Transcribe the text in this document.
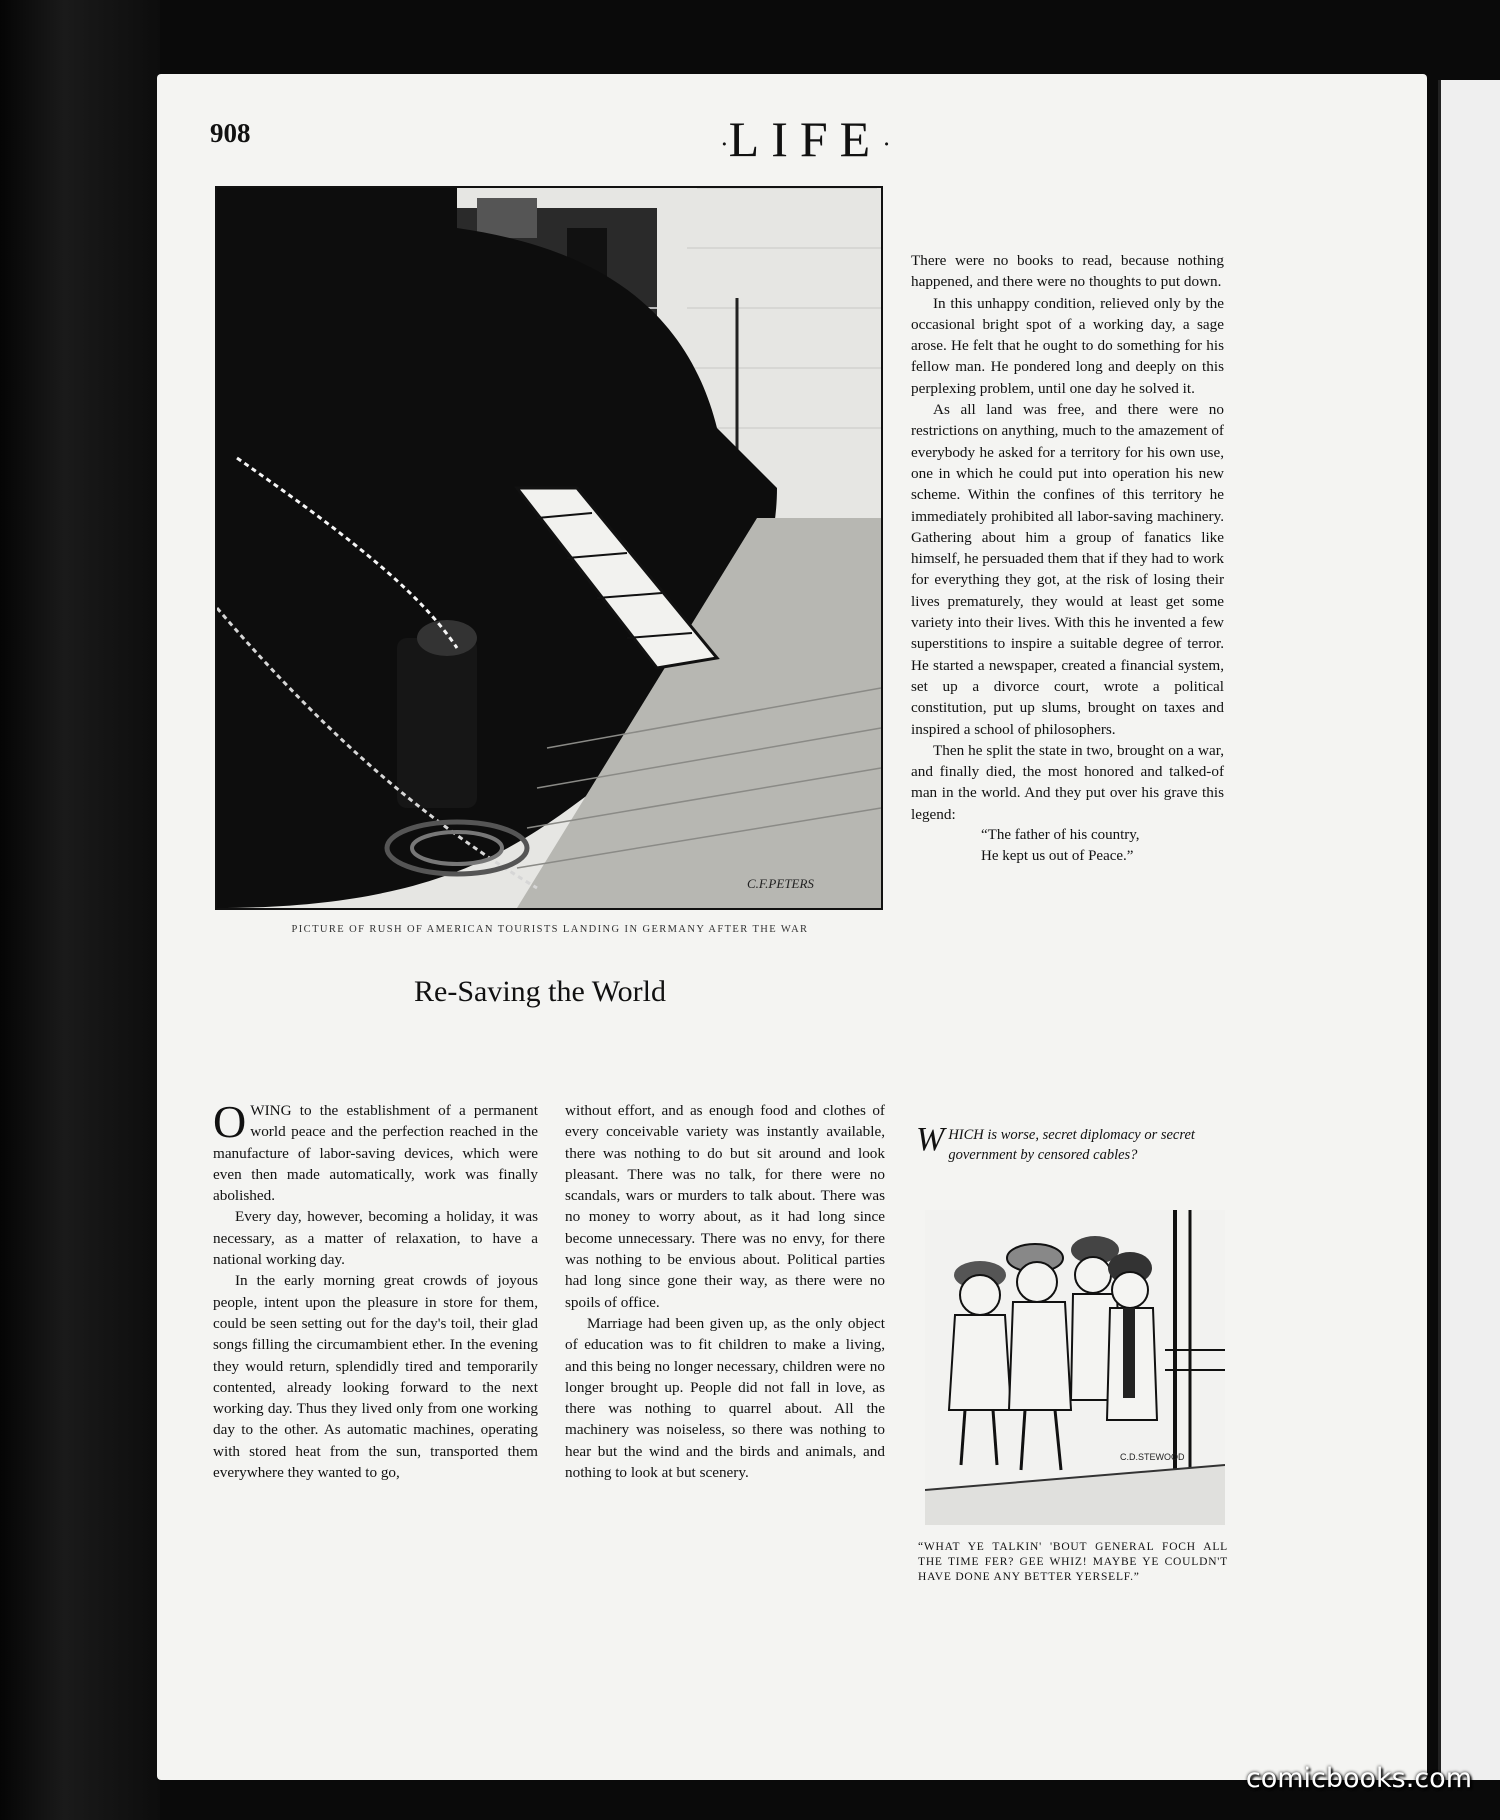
908	·LIFE·
C.F.PETERS
PICTURE OF RUSH OF AMERICAN TOURISTS LANDING IN GERMANY AFTER THE WAR
Re-Saving the World

OWING to the establishment of a permanent world peace and the perfection reached in the manufacture of labor-saving devices, which were even then made automatically, work was finally abolished.

Every day, however, becoming a holiday, it was necessary, as a matter of relaxation, to have a national working day.

In the early morning great crowds of joyous people, intent upon the pleasure in store for them, could be seen setting out for the day's toil, their glad songs filling the circumambient ether. In the evening they would return, splendidly tired and temporarily contented, already looking forward to the next working day. Thus they lived only from one working day to the other. As automatic machines, operating with stored heat from the sun, transported them everywhere they wanted to go,

without effort, and as enough food and clothes of every conceivable variety was instantly available, there was nothing to do but sit around and look pleasant. There was no talk, for there were no scandals, wars or murders to talk about. There was no money to worry about, as it had long since become unnecessary. There was no envy, for there was nothing to be envious about. Political parties had long since gone their way, as there were no spoils of office.

Marriage had been given up, as the only object of education was to fit children to make a living, and this being no longer necessary, children were no longer brought up. People did not fall in love, as there was nothing to quarrel about. All the machinery was noiseless, so there was nothing to hear but the wind and the birds and animals, and nothing to look at but scenery.

There were no books to read, because nothing happened, and there were no thoughts to put down.

In this unhappy condition, relieved only by the occasional bright spot of a working day, a sage arose. He felt that he ought to do something for his fellow man. He pondered long and deeply on this perplexing problem, until one day he solved it.

As all land was free, and there were no restrictions on anything, much to the amazement of everybody he asked for a territory for his own use, one in which he could put into operation his new scheme. Within the confines of this territory he immediately prohibited all labor-saving machinery. Gathering about him a group of fanatics like himself, he persuaded them that if they had to work for everything they got, at the risk of losing their lives prematurely, they would at least get some variety into their lives. With this he invented a few superstitions to inspire a suitable degree of terror. He started a newspaper, created a financial system, set up a divorce court, wrote a political constitution, put up slums, brought on taxes and inspired a school of philosophers.

Then he split the state in two, brought on a war, and finally died, the most honored and talked-of man in the world. And they put over his grave this legend:

“The father of his country,

He kept us out of Peace.”

WHICH is worse, secret diplomacy or secret government by censored cables?
C.D.STEWOOD
“WHAT YE TALKIN' 'BOUT GENERAL FOCH ALL THE TIME FER? GEE WHIZ! MAYBE YE COULDN'T HAVE DONE ANY BETTER YERSELF.”
comicbooks.com
